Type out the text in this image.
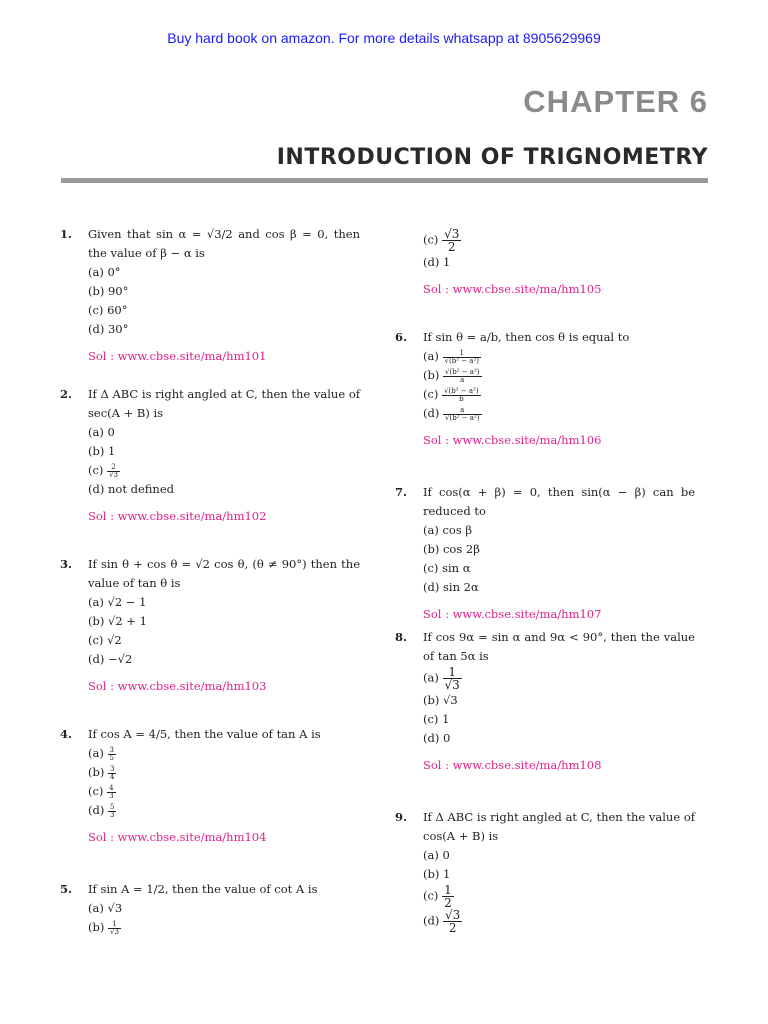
Buy hard book on amazon. For more details whatsapp at 8905629969
CHAPTER 6
INTRODUCTION OF TRIGNOMETRY
1.	Given that sin α = √3/2 and cos β = 0, then the value of β − α is
(a) 0°
(b) 90°
(c) 60°
(d) 30°
Sol : www.cbse.site/ma/hm101
2.	If Δ ABC is right angled at C, then the value of sec(A + B) is
(a) 0
(b) 1
$(c) \frac{2}{√3}$
(d) not defined
Sol : www.cbse.site/ma/hm102
3.	If sin θ + cos θ = √2 cos θ, (θ ≠ 90°) then the value of tan θ is
(a) √2 − 1
(b) √2 + 1
(c) √2
(d) −√2
Sol : www.cbse.site/ma/hm103
4.	If cos A = 4/5, then the value of tan A is
$(a) \frac{3}{5}$
$(b) \frac{3}{4}$
$(c) \frac{4}{3}$
$(d) \frac{5}{3}$
Sol : www.cbse.site/ma/hm104
5.	If sin A = 1/2, then the value of cot A is
(a) √3
$(b) \frac{1}{√3}$
$(c) \frac{√3}{2}$
(d) 1
Sol : www.cbse.site/ma/hm105
6.	If sin θ = a/b, then cos θ is equal to
$(a) \frac{1}{\text{√(b² − a²)}}$
$(b) \frac{\text{√(b² − a²)}}{a}$
$(c) \frac{\text{√(b² − a²)}}{b}$
$(d) \frac{a}{\text{√(b² − a²)}}$
Sol : www.cbse.site/ma/hm106
7.	If cos(α + β) = 0, then sin(α − β) can be reduced to
(a) cos β
(b) cos 2β
(c) sin α
(d) sin 2α
Sol : www.cbse.site/ma/hm107
8.	If cos 9α = sin α and 9α < 90°, then the value of tan 5α is
$(a) \frac{1}{√3}$
(b) √3
(c) 1
(d) 0
Sol : www.cbse.site/ma/hm108
9.	If Δ ABC is right angled at C, then the value of cos(A + B) is
(a) 0
(b) 1
$(c) \frac{1}{2}$
$(d) \frac{√3}{2}$
